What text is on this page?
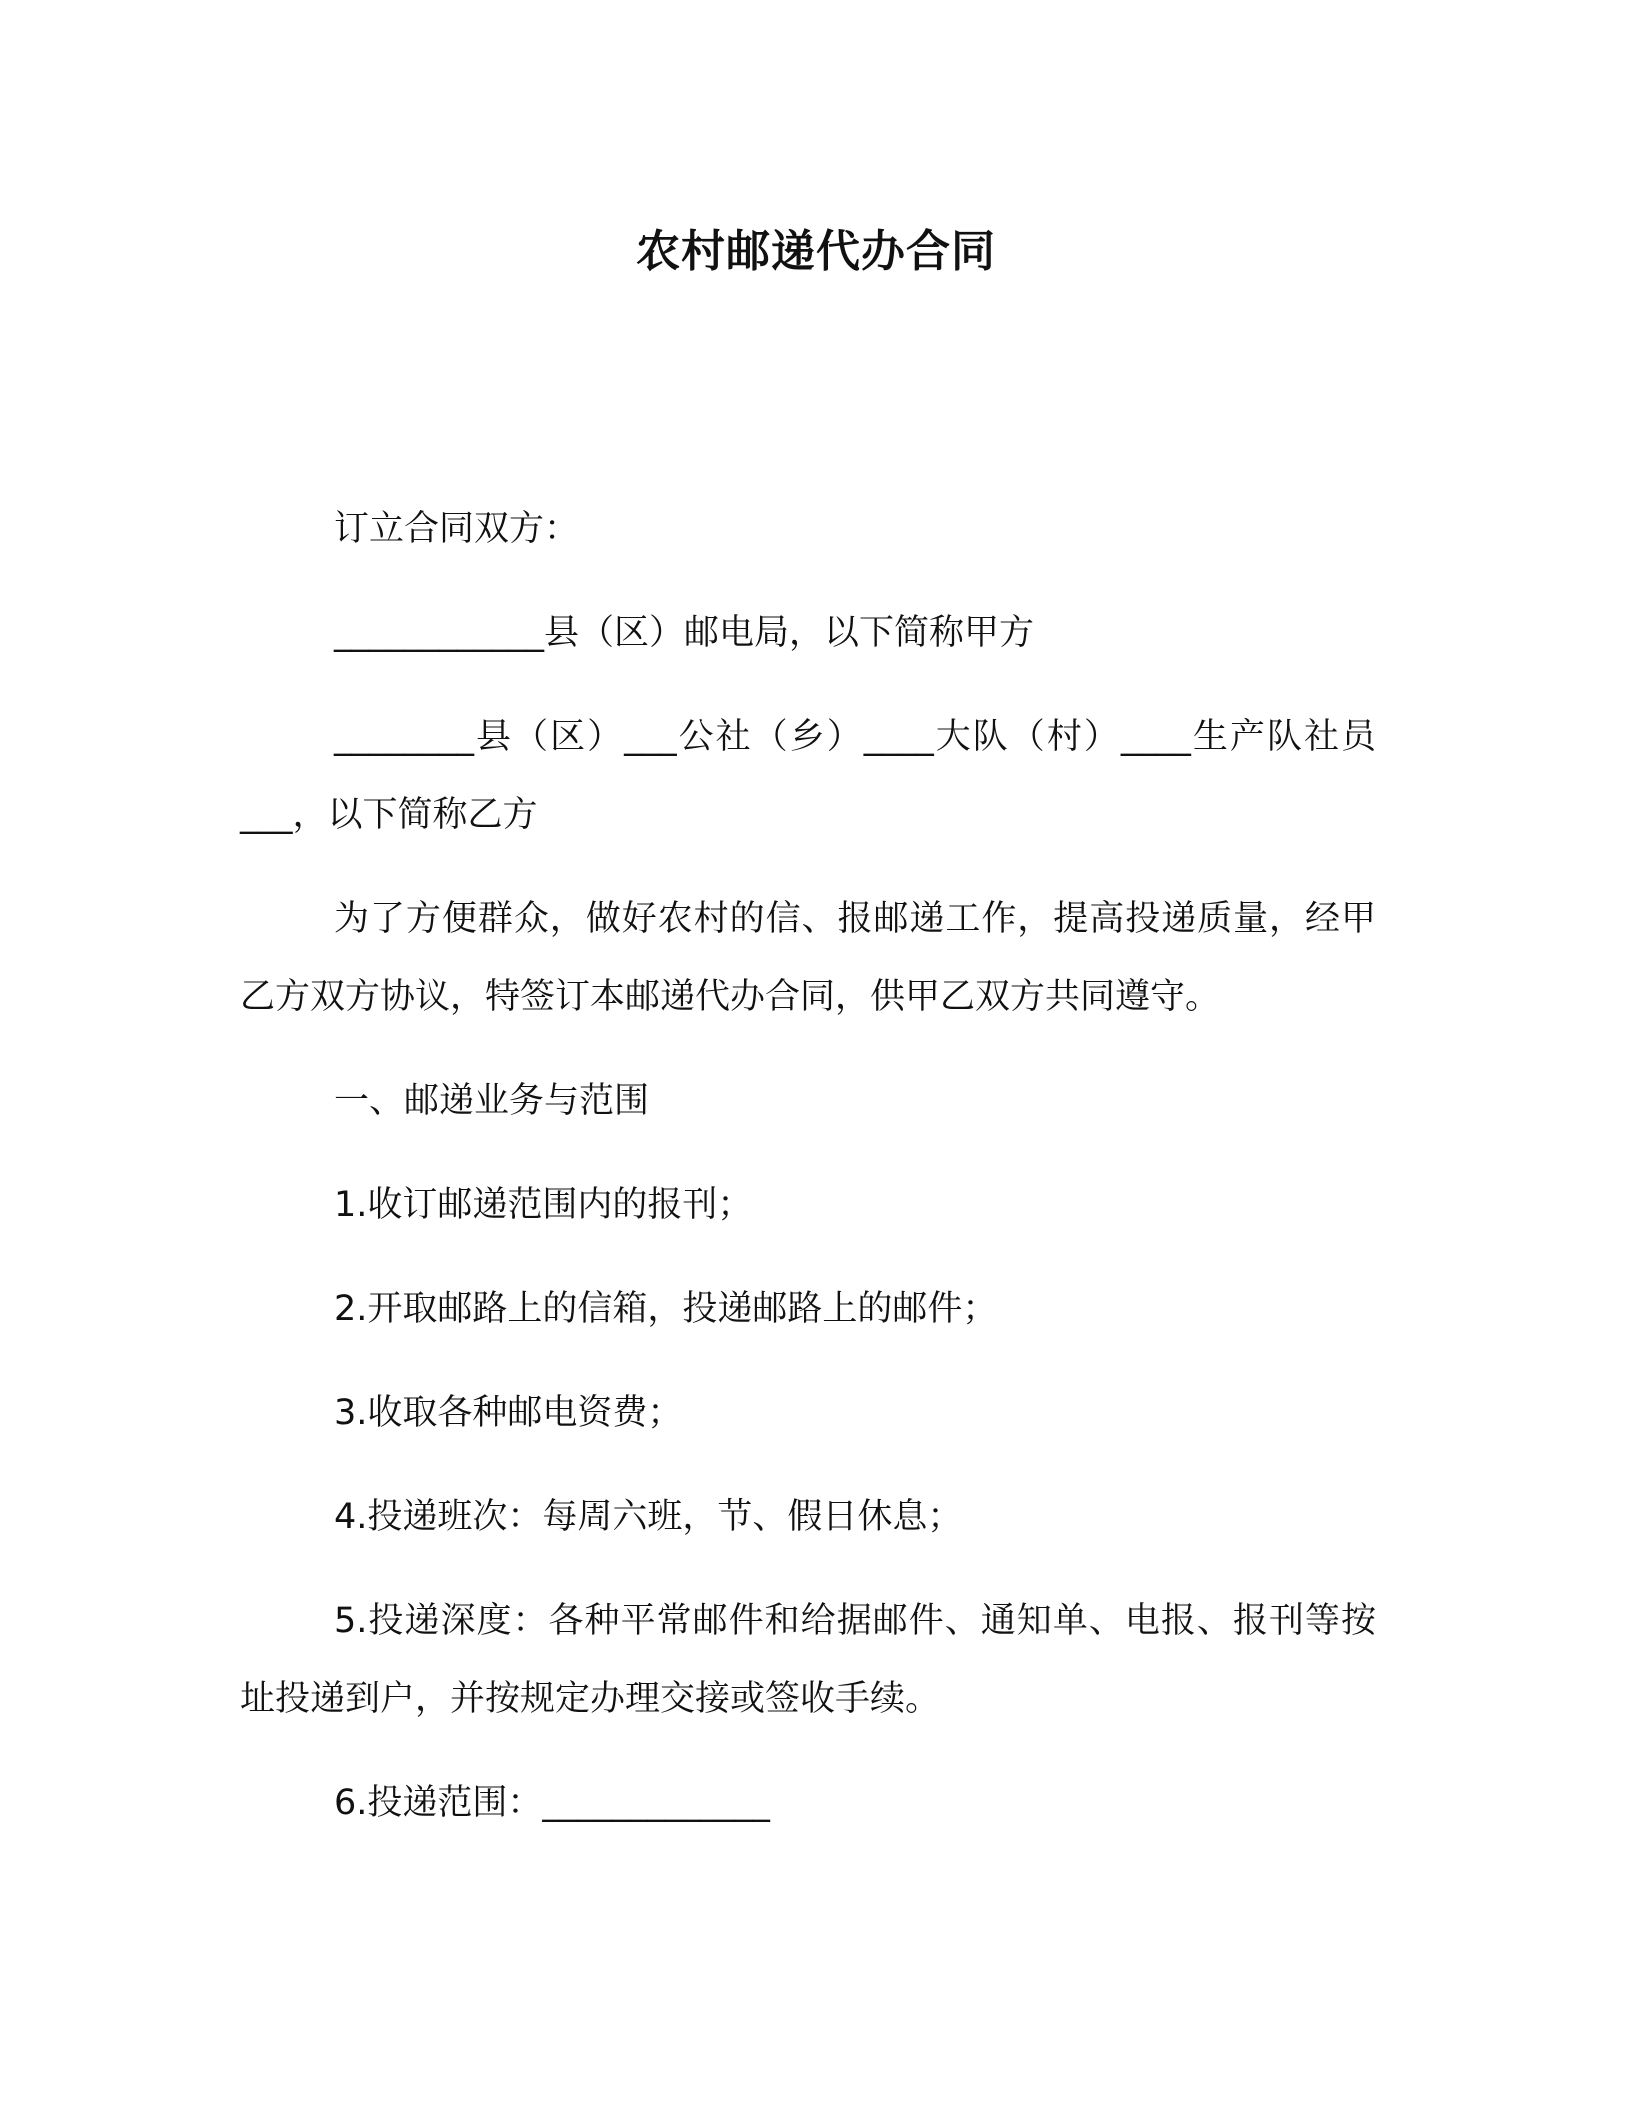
农村邮递代办合同

订立合同双方：

____________县（区）邮电局，以下简称甲方

________县（区）___公社（乡）____大队（村）____生产队社员___，以下简称乙方

为了方便群众，做好农村的信、报邮递工作，提高投递质量，经甲乙方双方协议，特签订本邮递代办合同，供甲乙双方共同遵守。

一、邮递业务与范围

1.收订邮递范围内的报刊；

2.开取邮路上的信箱，投递邮路上的邮件；

3.收取各种邮电资费；

4.投递班次：每周六班，节、假日休息；

5.投递深度：各种平常邮件和给据邮件、通知单、电报、报刊等按址投递到户，并按规定办理交接或签收手续。

6.投递范围：_____________
